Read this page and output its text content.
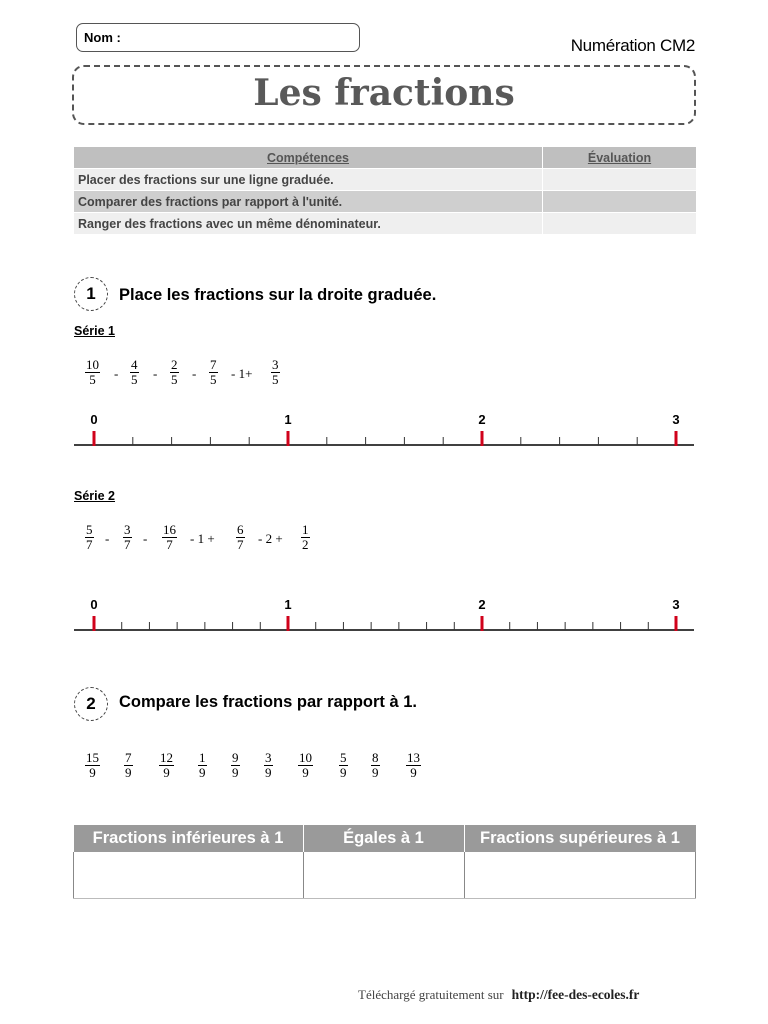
Nom :	Numération CM2
Les fractions
Compétences	Évaluation
Placer des fractions sur une ligne graduée.	
Comparer des fractions par rapport à l'unité.	
Ranger des fractions avec un même dénominateur.	
1	Place les fractions sur la droite graduée.
Série 1
$\frac{10}{5} - \frac{4}{5} - \frac{2}{5} - \frac{7}{5} - 1+ \frac{3}{5}$
0	1	2	3
Série 2
$\frac{5}{7} - \frac{3}{7} - \frac{16}{7} - 1 + \frac{6}{7} - 2 + \frac{1}{2}$
0	1	2	3
2	Compare les fractions par rapport à 1.
$\frac{15}{9} \frac{7}{9} \frac{12}{9} \frac{1}{9} \frac{9}{9} \frac{3}{9} \frac{10}{9} \frac{5}{9} \frac{8}{9} \frac{13}{9}$
Fractions inférieures à 1	Égales à 1	Fractions supérieures à 1

Téléchargé gratuitement sur http://fee-des-ecoles.fr
